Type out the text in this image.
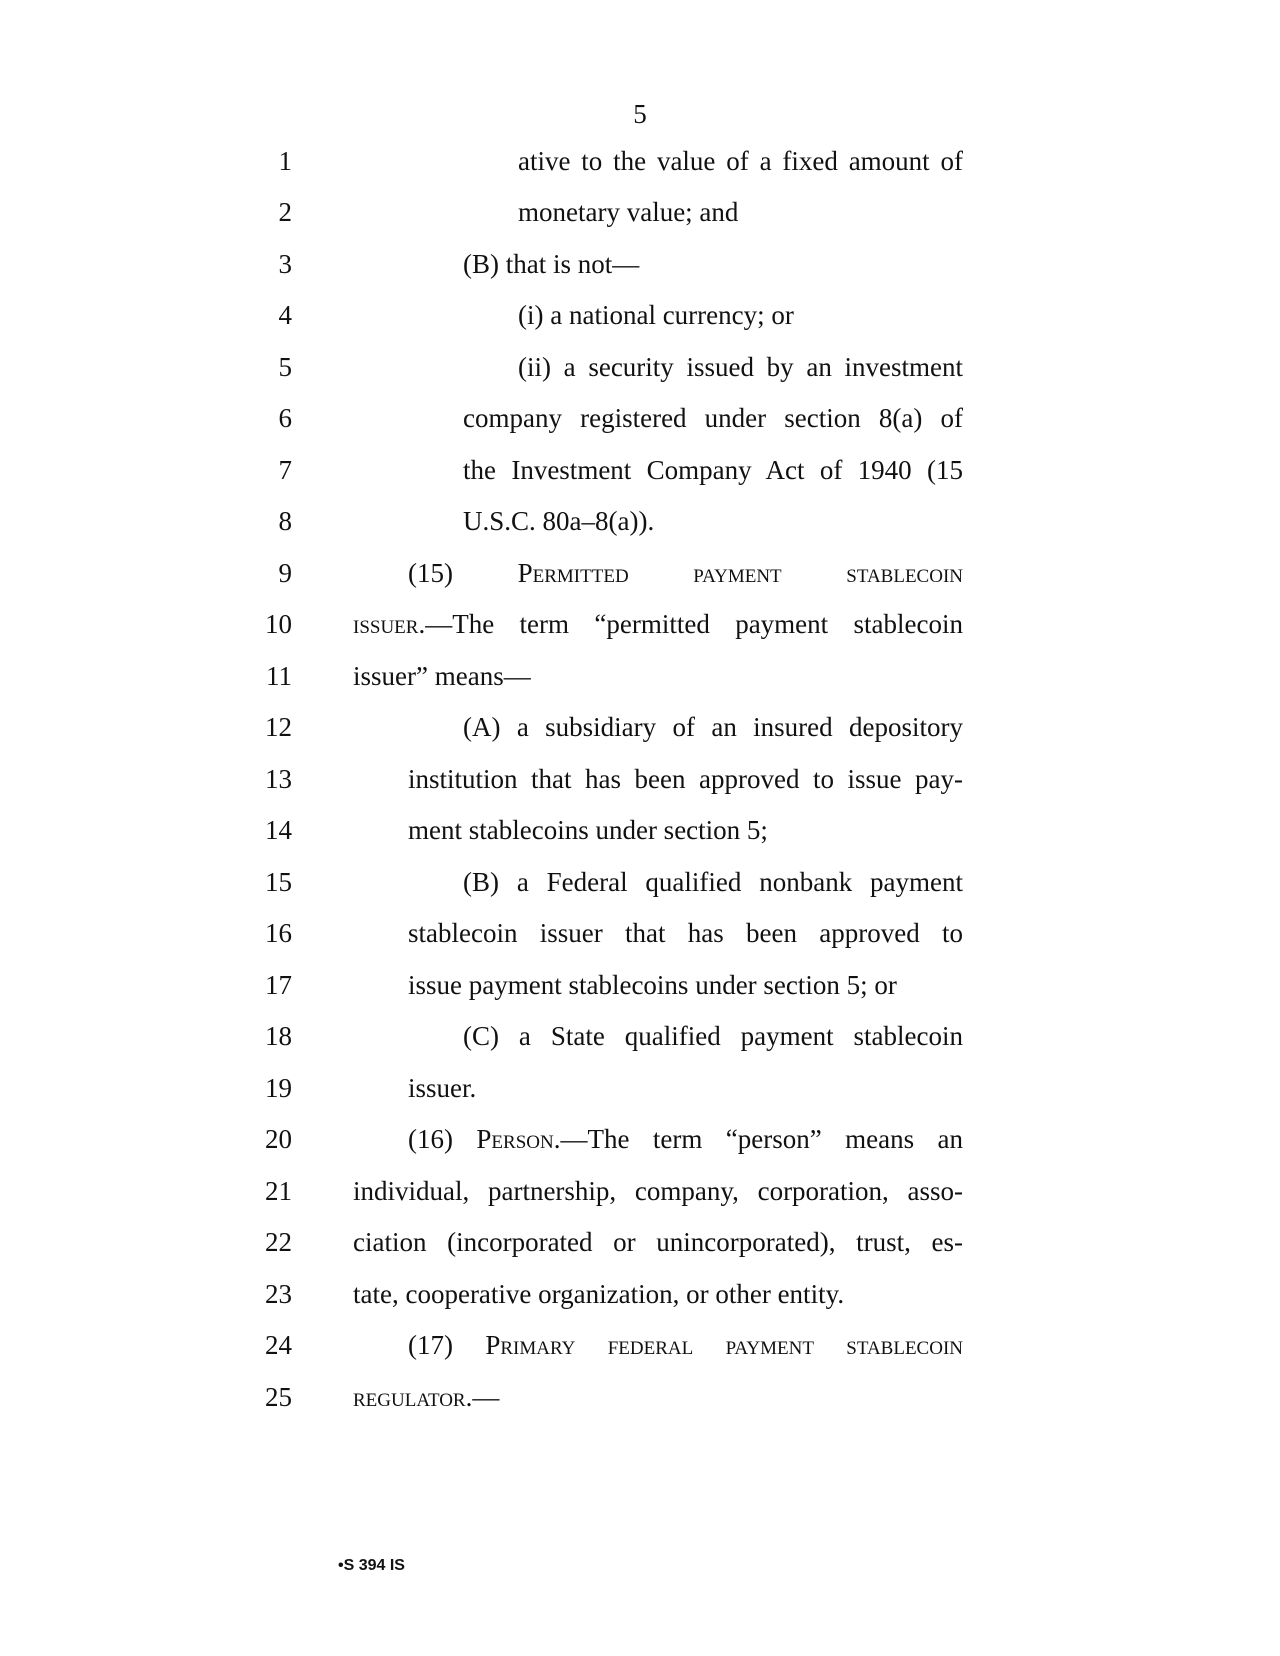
5
1	ative to the value of a fixed amount of
2	monetary value; and
3	(B) that is not—
4	(i) a national currency; or
5	(ii) a security issued by an investment
6	company registered under section 8(a) of
7	the Investment Company Act of 1940 (15
8	U.S.C. 80a–8(a)).
9	(15) Permitted payment stablecoin
10 issuer.—The term “permitted payment stablecoin
11 issuer” means—
12	(A) a subsidiary of an insured depository
13	institution that has been approved to issue pay-
14	ment stablecoins under section 5;
15	(B) a Federal qualified nonbank payment
16	stablecoin issuer that has been approved to
17	issue payment stablecoins under section 5; or
18	(C) a State qualified payment stablecoin
19	issuer.
20	(16) Person.—The term “person” means an
21 individual, partnership, company, corporation, asso-
22 ciation (incorporated or unincorporated), trust, es-
23 tate, cooperative organization, or other entity.
24	(17) Primary federal payment stablecoin
25 regulator.—
•S 394 IS
